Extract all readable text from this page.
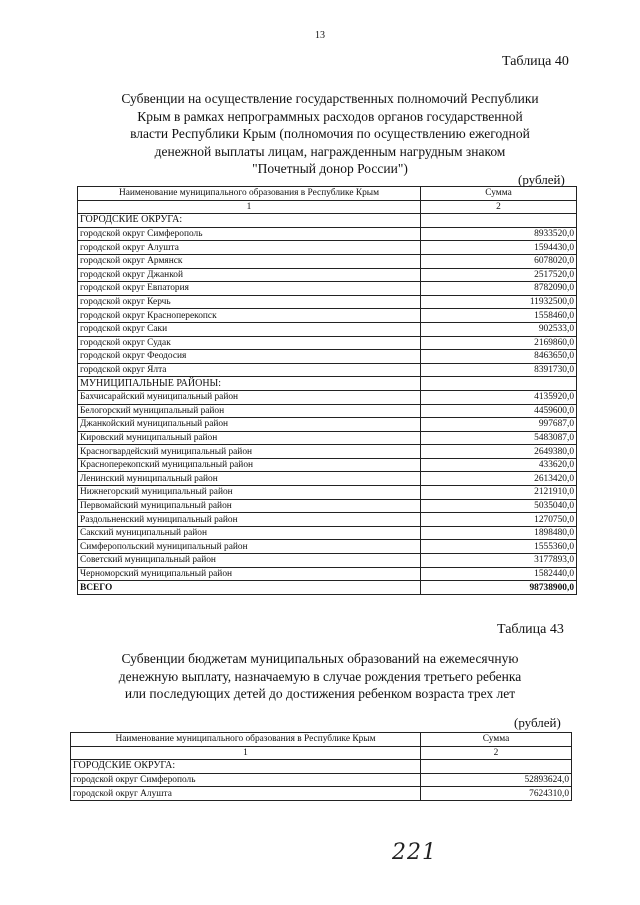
13
Таблица 40
Субвенции на осуществление государственных полномочий Республики
Крым в рамках непрограммных расходов органов государственной
власти Республики Крым (полномочия по осуществлению ежегодной
денежной выплаты лицам, награжденным нагрудным знаком
"Почетный донор России")
(рублей)
Наименование муниципального образования в Республике Крым	Сумма
1	2
ГОРОДСКИЕ ОКРУГА:	
городской округ Симферополь	8933520,0
городской округ Алушта	1594430,0
городской округ Армянск	6078020,0
городской округ Джанкой	2517520,0
городской округ Евпатория	8782090,0
городской округ Керчь	11932500,0
городской округ Красноперекопск	1558460,0
городской округ Саки	902533,0
городской округ Судак	2169860,0
городской округ Феодосия	8463650,0
городской округ Ялта	8391730,0
МУНИЦИПАЛЬНЫЕ РАЙОНЫ:	
Бахчисарайский муниципальный район	4135920,0
Белогорский муниципальный район	4459600,0
Джанкойский муниципальный район	997687,0
Кировский муниципальный район	5483087,0
Красногвардейский муниципальный район	2649380,0
Красноперекопский муниципальный район	433620,0
Ленинский муниципальный район	2613420,0
Нижнегорский муниципальный район	2121910,0
Первомайский муниципальный район	5035040,0
Раздольненский муниципальный район	1270750,0
Сакский муниципальный район	1898480,0
Симферопольский муниципальный район	1555360,0
Советский муниципальный район	3177893,0
Черноморский муниципальный район	1582440,0
ВСЕГО	98738900,0
Таблица 43
Субвенции бюджетам муниципальных образований на ежемесячную
денежную выплату, назначаемую в случае рождения третьего ребенка
или последующих детей до достижения ребенком возраста трех лет
(рублей)
Наименование муниципального образования в Республике Крым	Сумма
1	2
ГОРОДСКИЕ ОКРУГА:	
городской округ Симферополь	52893624,0
городской округ Алушта	7624310,0
221
